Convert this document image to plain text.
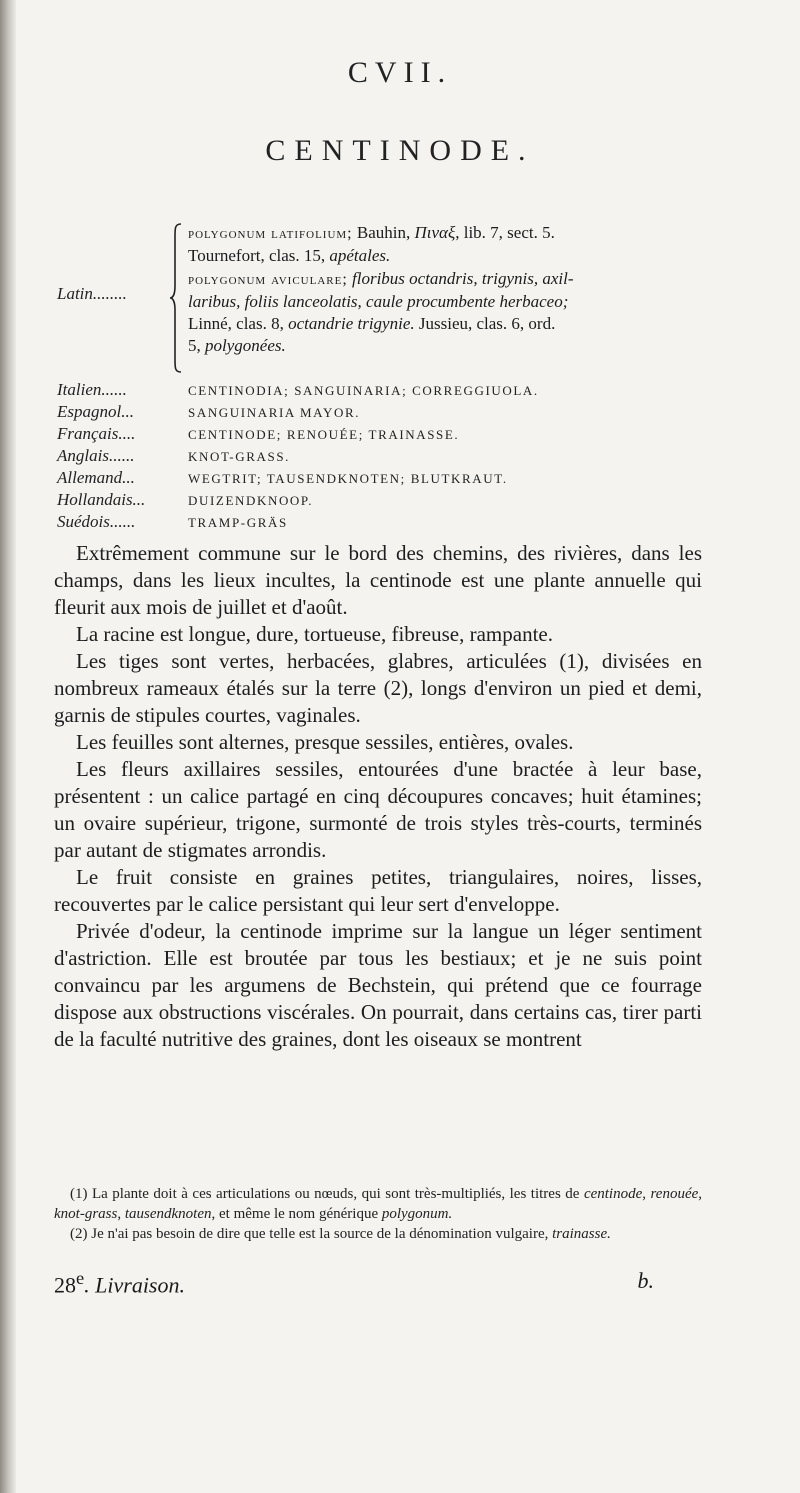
CVII.
CENTINODE.
Latin........
polygonum latifolium; Bauhin, Πιναξ, lib. 7, sect. 5.
Tournefort, clas. 15, apétales.
polygonum aviculare; floribus octandris, trigynis, axil-
laribus, foliis lanceolatis, caule procumbente herbaceo;
Linné, clas. 8, octandrie trigynie. Jussieu, clas. 6, ord.
5, polygonées.
Italien......	CENTINODIA; SANGUINARIA; CORREGGIUOLA.
Espagnol...	SANGUINARIA MAYOR.
Français....	CENTINODE; RENOUÉE; TRAINASSE.
Anglais......	KNOT-GRASS.
Allemand...	WEGTRIT; TAUSENDKNOTEN; BLUTKRAUT.
Hollandais...	DUIZENDKNOOP.
Suédois......	TRAMP-GRÄS

Extrêmement commune sur le bord des chemins, des rivières, dans les champs, dans les lieux incultes, la centinode est une plante annuelle qui fleurit aux mois de juillet et d'août.

La racine est longue, dure, tortueuse, fibreuse, rampante.

Les tiges sont vertes, herbacées, glabres, articulées (1), divisées en nombreux rameaux étalés sur la terre (2), longs d'environ un pied et demi, garnis de stipules courtes, vaginales.

Les feuilles sont alternes, presque sessiles, entières, ovales.

Les fleurs axillaires sessiles, entourées d'une bractée à leur base, présentent : un calice partagé en cinq découpures concaves; huit étamines; un ovaire supérieur, trigone, surmonté de trois styles très-courts, terminés par autant de stigmates arrondis.

Le fruit consiste en graines petites, triangulaires, noires, lisses, recouvertes par le calice persistant qui leur sert d'enveloppe.

Privée d'odeur, la centinode imprime sur la langue un léger sentiment d'astriction. Elle est broutée par tous les bestiaux; et je ne suis point convaincu par les argumens de Bechstein, qui prétend que ce fourrage dispose aux obstructions viscérales. On pourrait, dans certains cas, tirer parti de la faculté nutritive des graines, dont les oiseaux se montrent

(1) La plante doit à ces articulations ou nœuds, qui sont très-multipliés, les titres de centinode, renouée, knot-grass, tausendknoten, et même le nom générique polygonum.

(2) Je n'ai pas besoin de dire que telle est la source de la dénomination vulgaire, trainasse.

28e. Livraison.	b.
